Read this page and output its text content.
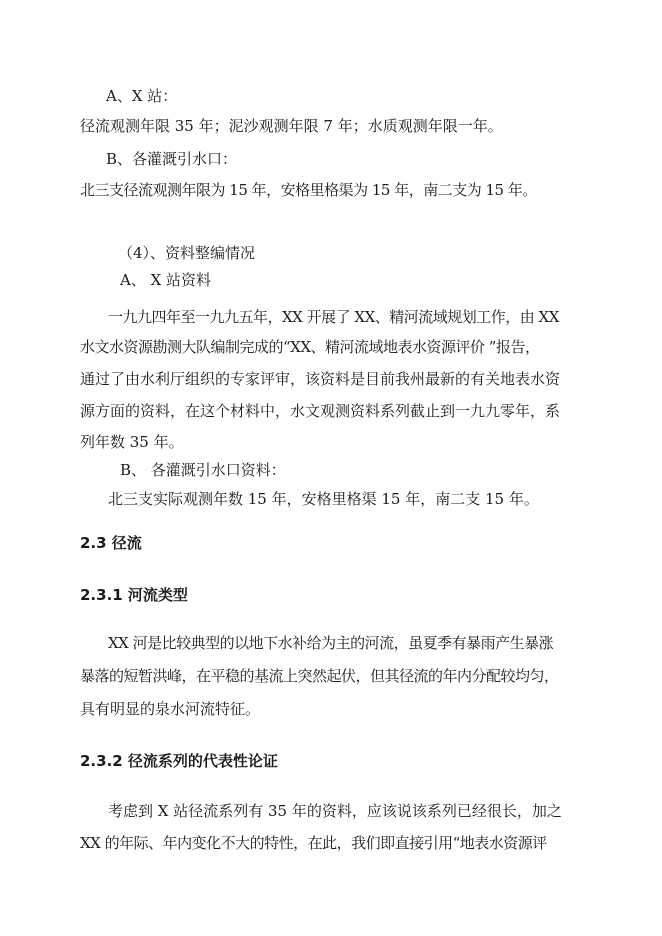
A、X 站：
径流观测年限 35 年；泥沙观测年限 7 年；水质观测年限一年。
B、各灌溉引水口：
北三支径流观测年限为 15 年，安格里格渠为 15 年，南二支为 15 年。
（4）、资料整编情况
A、 X 站资料
一九九四年至一九九五年，XX 开展了 XX、精河流域规划工作，由 XX
水文水资源勘测大队编制完成的“XX、精河流域地表水资源评价 ”报告，
通过了由水利厅组织的专家评审，该资料是目前我州最新的有关地表水资
源方面的资料，在这个材料中，水文观测资料系列截止到一九九零年，系
列年数 35 年。
B、 各灌溉引水口资料：
北三支实际观测年数 15 年，安格里格渠 15 年，南二支 15 年。
2.3 径流
2.3.1 河流类型
XX 河是比较典型的以地下水补给为主的河流，虽夏季有暴雨产生暴涨
暴落的短暂洪峰，在平稳的基流上突然起伏，但其径流的年内分配较均匀，
具有明显的泉水河流特征。
2.3.2 径流系列的代表性论证
考虑到 X 站径流系列有 35 年的资料，应该说该系列已经很长，加之
XX 的年际、年内变化不大的特性，在此，我们即直接引用“地表水资源评
